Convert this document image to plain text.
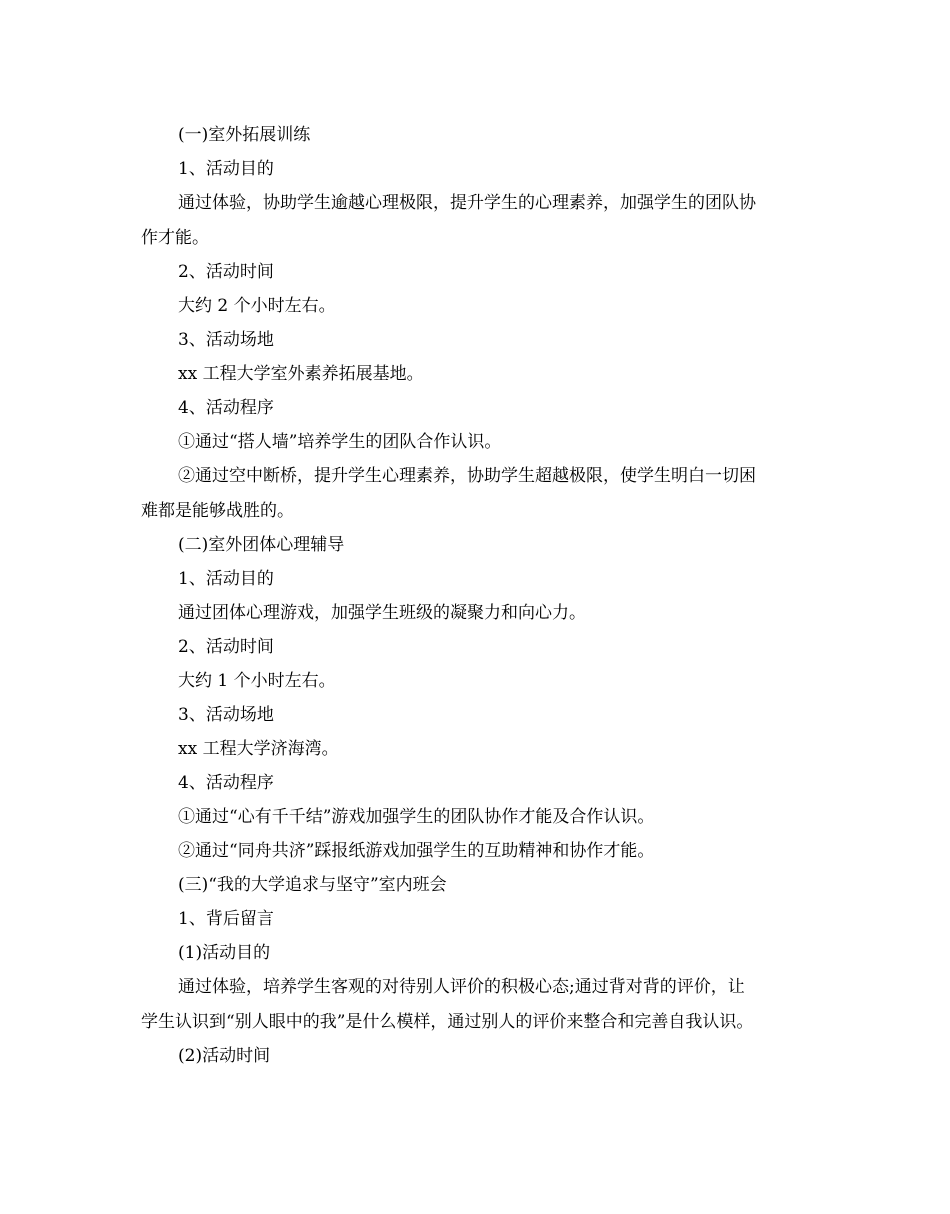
(一)室外拓展训练
1、活动目的
通过体验，协助学生逾越心理极限，提升学生的心理素养，加强学生的团队协
作才能。
2、活动时间
大约 2 个小时左右。
3、活动场地
xx 工程大学室外素养拓展基地。
4、活动程序
①通过“搭人墙”培养学生的团队合作认识。
②通过空中断桥，提升学生心理素养，协助学生超越极限，使学生明白一切困
难都是能够战胜的。
(二)室外团体心理辅导
1、活动目的
通过团体心理游戏，加强学生班级的凝聚力和向心力。
2、活动时间
大约 1 个小时左右。
3、活动场地
xx 工程大学济海湾。
4、活动程序
①通过“心有千千结”游戏加强学生的团队协作才能及合作认识。
②通过“同舟共济”踩报纸游戏加强学生的互助精神和协作才能。
(三)“我的大学追求与坚守”室内班会
1、背后留言
(1)活动目的
通过体验，培养学生客观的对待别人评价的积极心态;通过背对背的评价，让
学生认识到“别人眼中的我”是什么模样，通过别人的评价来整合和完善自我认识。
(2)活动时间
